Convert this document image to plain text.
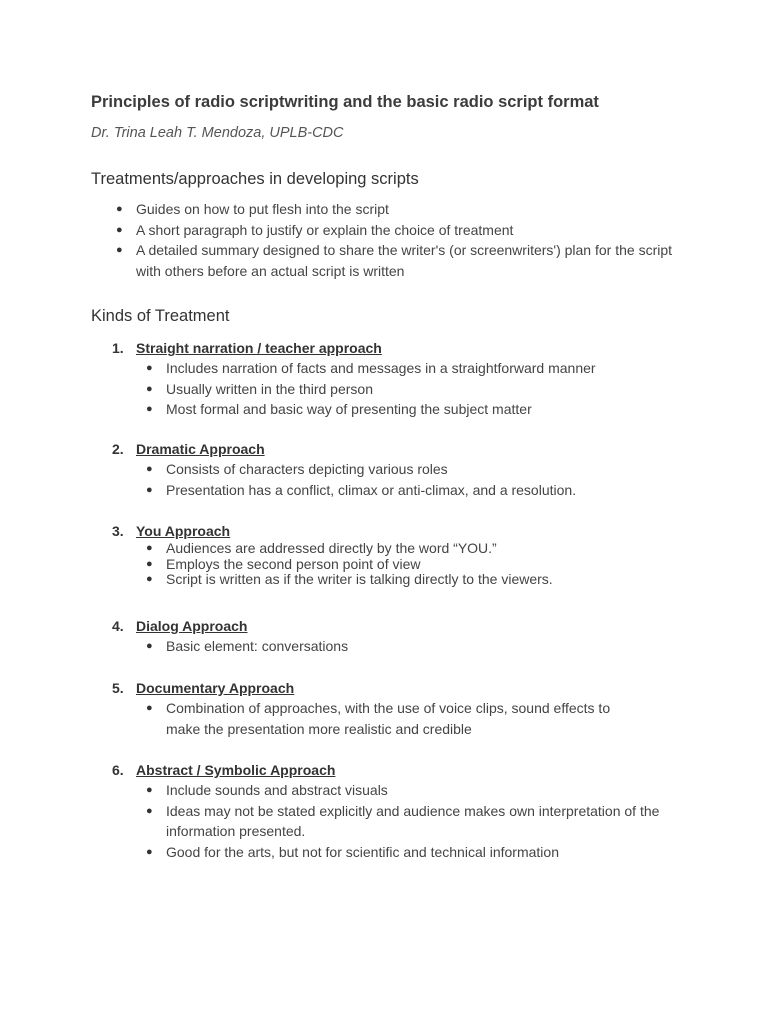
Principles of radio scriptwriting and the basic radio script format
Dr. Trina Leah T. Mendoza, UPLB-CDC
Treatments/approaches in developing scripts
● Guides on how to put flesh into the script
● A short paragraph to justify or explain the choice of treatment
● A detailed summary designed to share the writer's (or screenwriters') plan for the script with others before an actual script is written
Kinds of Treatment
1. Straight narration / teacher approach
● Includes narration of facts and messages in a straightforward manner
● Usually written in the third person
● Most formal and basic way of presenting the subject matter
2. Dramatic Approach
● Consists of characters depicting various roles
● Presentation has a conflict, climax or anti-climax, and a resolution.
3. You Approach
● Audiences are addressed directly by the word “YOU.”
● Employs the second person point of view
● Script is written as if the writer is talking directly to the viewers.
4. Dialog Approach
● Basic element: conversations
5. Documentary Approach
● Combination of approaches, with the use of voice clips, sound effects to make the presentation more realistic and credible
6. Abstract / Symbolic Approach
● Include sounds and abstract visuals
● Ideas may not be stated explicitly and audience makes own interpretation of the information presented.
● Good for the arts, but not for scientific and technical information
